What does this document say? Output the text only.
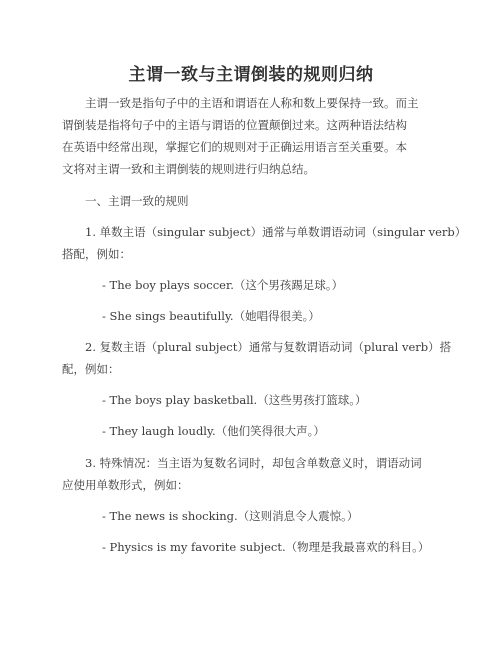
主谓一致与主谓倒装的规则归纳
主谓一致是指句子中的主语和谓语在人称和数上要保持一致。而主
谓倒装是指将句子中的主语与谓语的位置颠倒过来。这两种语法结构
在英语中经常出现，掌握它们的规则对于正确运用语言至关重要。本
文将对主谓一致和主谓倒装的规则进行归纳总结。
一、主谓一致的规则
1. 单数主语（singular subject）通常与单数谓语动词（singular verb）
搭配，例如：
- The boy plays soccer.（这个男孩踢足球。）
- She sings beautifully.（她唱得很美。）
2. 复数主语（plural subject）通常与复数谓语动词（plural verb）搭
配，例如：
- The boys play basketball.（这些男孩打篮球。）
- They laugh loudly.（他们笑得很大声。）
3. 特殊情况：当主语为复数名词时，却包含单数意义时，谓语动词
应使用单数形式，例如：
- The news is shocking.（这则消息令人震惊。）
- Physics is my favorite subject.（物理是我最喜欢的科目。）
